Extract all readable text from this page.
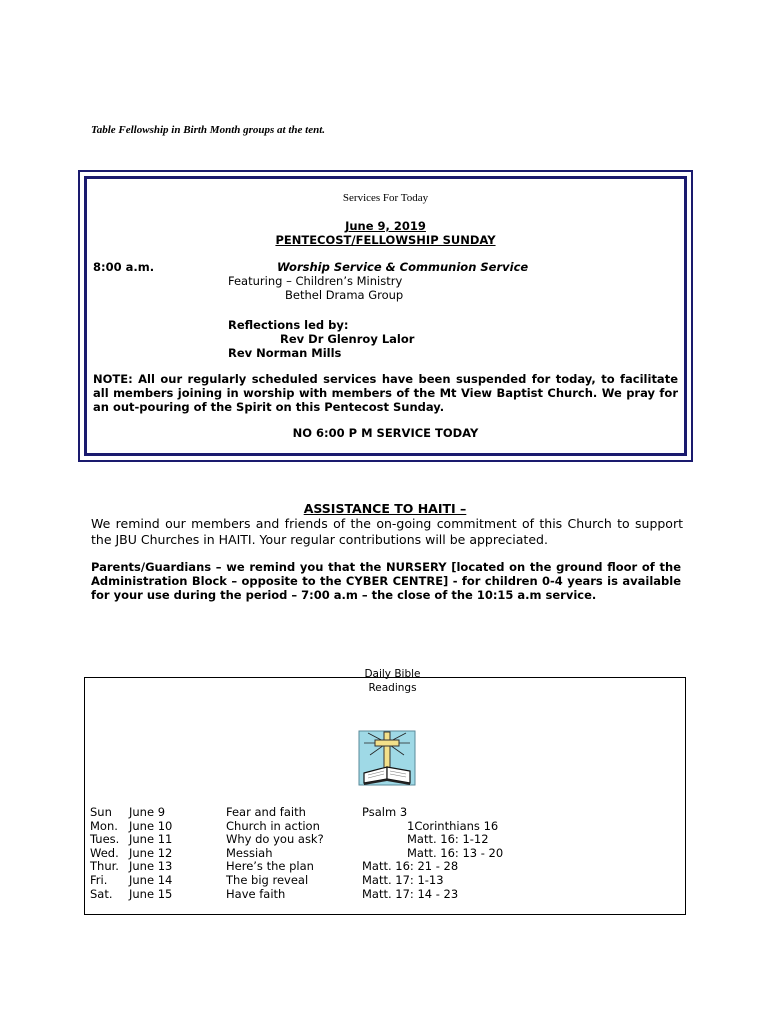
Table Fellowship in Birth Month groups at the tent.
Services For Today
June 9, 2019
PENTECOST/FELLOWSHIP SUNDAY
8:00 a.m.	Worship Service & Communion Service
Featuring – Children’s Ministry
Bethel Drama Group
Reflections led by:
Rev Dr Glenroy Lalor
Rev Norman Mills
NOTE: All our regularly scheduled services have been suspended for today, to facilitate all members joining in worship with members of the Mt View Baptist Church. We pray for an out-pouring of the Spirit on this Pentecost Sunday.
NO 6:00 P M SERVICE TODAY
ASSISTANCE TO HAITI –
We remind our members and friends of the on-going commitment of this Church to support the JBU Churches in HAITI. Your regular contributions will be appreciated.
Parents/Guardians – we remind you that the NURSERY [located on the ground floor of the Administration Block – opposite to the CYBER CENTRE] - for children 0-4 years is available for your use during the period – 7:00 a.m – the close of the 10:15 a.m service.
Daily Bible
Readings
Sun
Mon.
Tues.
Wed.
Thur.
Fri.
Sat.
June 9
June 10
June 11
June 12
June 13
June 14
June 15
Fear and faith
Church in action
Why do you ask?
Messiah
Here’s the plan
The big reveal
Have faith
Psalm 3
1Corinthians 16
Matt. 16: 1-12
Matt. 16: 13 - 20
Matt. 16: 21 - 28
Matt. 17: 1-13
Matt. 17: 14 - 23
